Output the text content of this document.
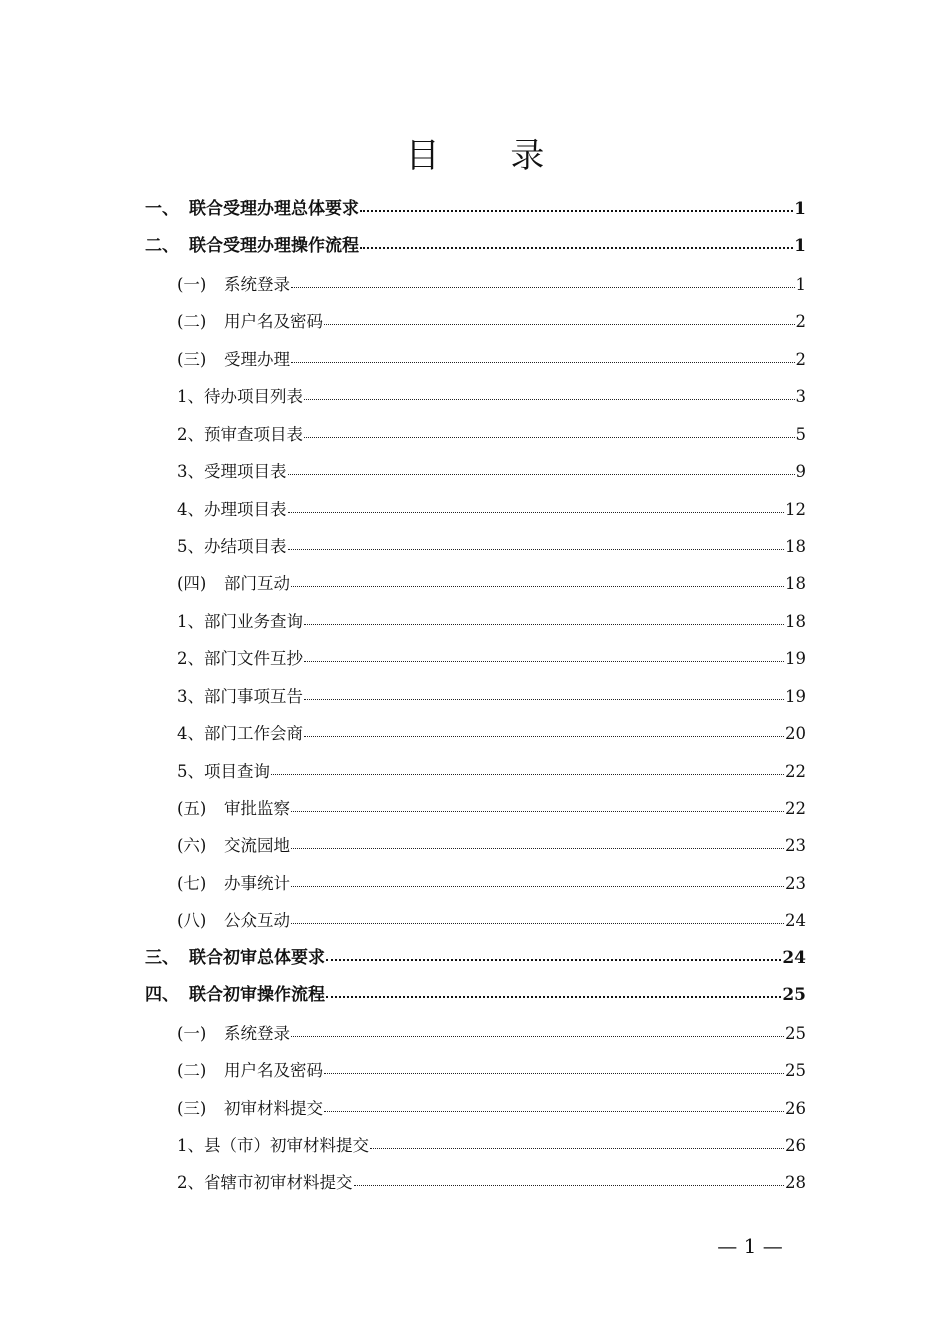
目 录
一、 联合受理办理总体要求	1
二、 联合受理办理操作流程	1
(一)	系统登录	1
(二)	用户名及密码	2
(三)	受理办理	2
1、 待办项目列表	3
2、 预审查项目表	5
3、 受理项目表	9
4、 办理项目表	12
5、 办结项目表	18
(四)	部门互动	18
1、 部门业务查询	18
2、 部门文件互抄	19
3、 部门事项互告	19
4、 部门工作会商	20
5、 项目查询	22
(五)	审批监察	22
(六)	交流园地	23
(七)	办事统计	23
(八)	公众互动	24
三、 联合初审总体要求	24
四、 联合初审操作流程	25
(一)	系统登录	25
(二)	用户名及密码	25
(三)	初审材料提交	26
1、 县（市）初审材料提交	26
2、 省辖市初审材料提交	28
— 1 —
